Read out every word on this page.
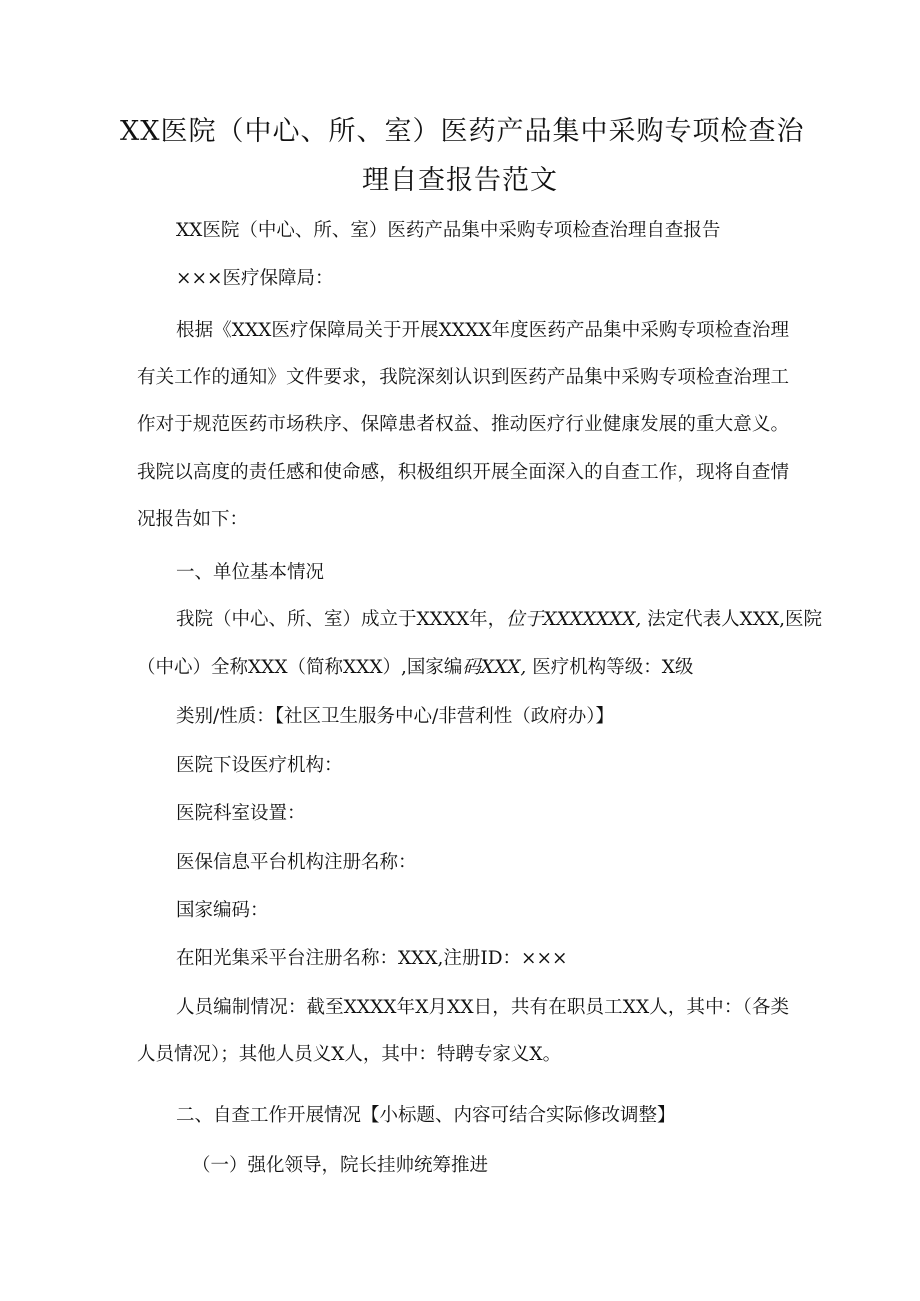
XX医院（中心、所、室）医药产品集中采购专项检查治
理自查报告范文
XX医院（中心、所、室）医药产品集中采购专项检查治理自查报告
×××医疗保障局：
根据《XXX医疗保障局关于开展XXXX年度医药产品集中采购专项检查治理有关工作的通知》文件要求，我院深刻认识到医药产品集中采购专项检查治理工作对于规范医药市场秩序、保障患者权益、推动医疗行业健康发展的重大意义。我院以高度的责任感和使命感，积极组织开展全面深入的自查工作，现将自查情况报告如下：
一、单位基本情况
我院（中心、所、室）成立于XXXX年，位于XXXXXXX, 法定代表人XXX,医院
（中心）全称XXX（简称XXX）,国家编码XXX, 医疗机构等级：X级
类别/性质：【社区卫生服务中心/非营利性（政府办）】
医院下设医疗机构：
医院科室设置：
医保信息平台机构注册名称：
国家编码：
在阳光集采平台注册名称：XXX,注册ID：×××
人员编制情况：截至XXXX年X月XX日，共有在职员工XX人，其中：（各类人员情况）；其他人员义X人，其中：特聘专家义X。
二、自查工作开展情况【小标题、内容可结合实际修改调整】
（一）强化领导，院长挂帅统筹推进
